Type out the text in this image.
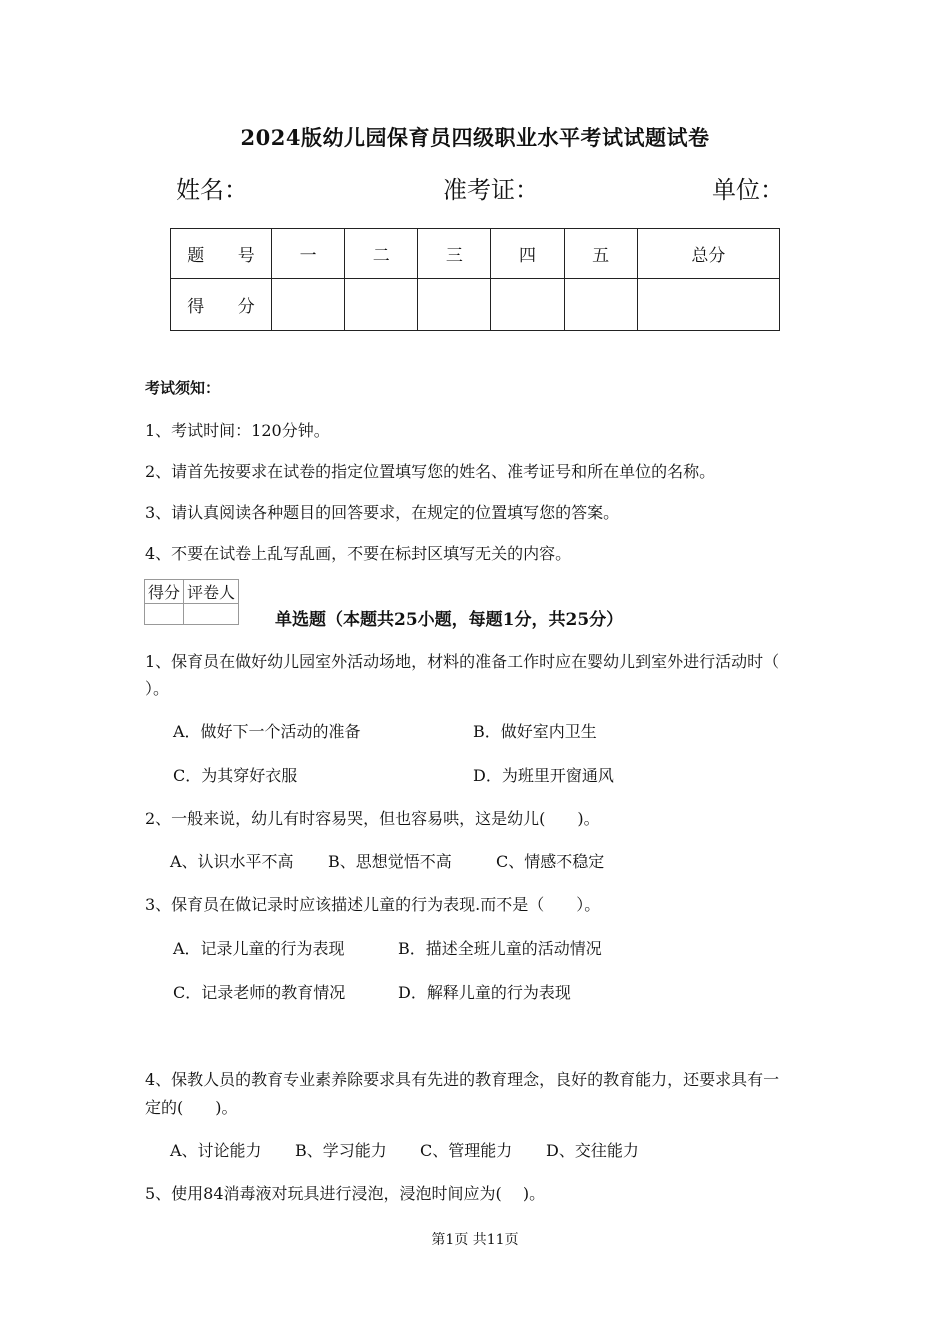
2024版幼儿园保育员四级职业水平考试试题试卷
姓名：	准考证：	单位：
题 号	一	二	三	四	五	总分
得 分						
考试须知：
1、考试时间：120分钟。
2、请首先按要求在试卷的指定位置填写您的姓名、准考证号和所在单位的名称。
3、请认真阅读各种题目的回答要求，在规定的位置填写您的答案。
4、不要在试卷上乱写乱画，不要在标封区填写无关的内容。
得分	评卷人

单选题（本题共25小题，每题1分，共25分）
1、保育员在做好幼儿园室外活动场地，材料的准备工作时应在婴幼儿到室外进行活动时（
）。
A．做好下一个活动的准备	B．做好室内卫生
C．为其穿好衣服	D．为班里开窗通风
2、一般来说，幼儿有时容易哭，但也容易哄，这是幼儿(　　)。
A、认识水平不高 B、思想觉悟不高	C、情感不稳定
3、保育员在做记录时应该描述儿童的行为表现.而不是（　　）。
A．记录儿童的行为表现	B．描述全班儿童的活动情况
C．记录老师的教育情况	D．解释儿童的行为表现
4、保教人员的教育专业素养除要求具有先进的教育理念，良好的教育能力，还要求具有一
定的(　　)。
A、讨论能力 B、学习能力 C、管理能力 D、交往能力
5、使用84消毒液对玩具进行浸泡，浸泡时间应为(　 )。
第1页 共11页
